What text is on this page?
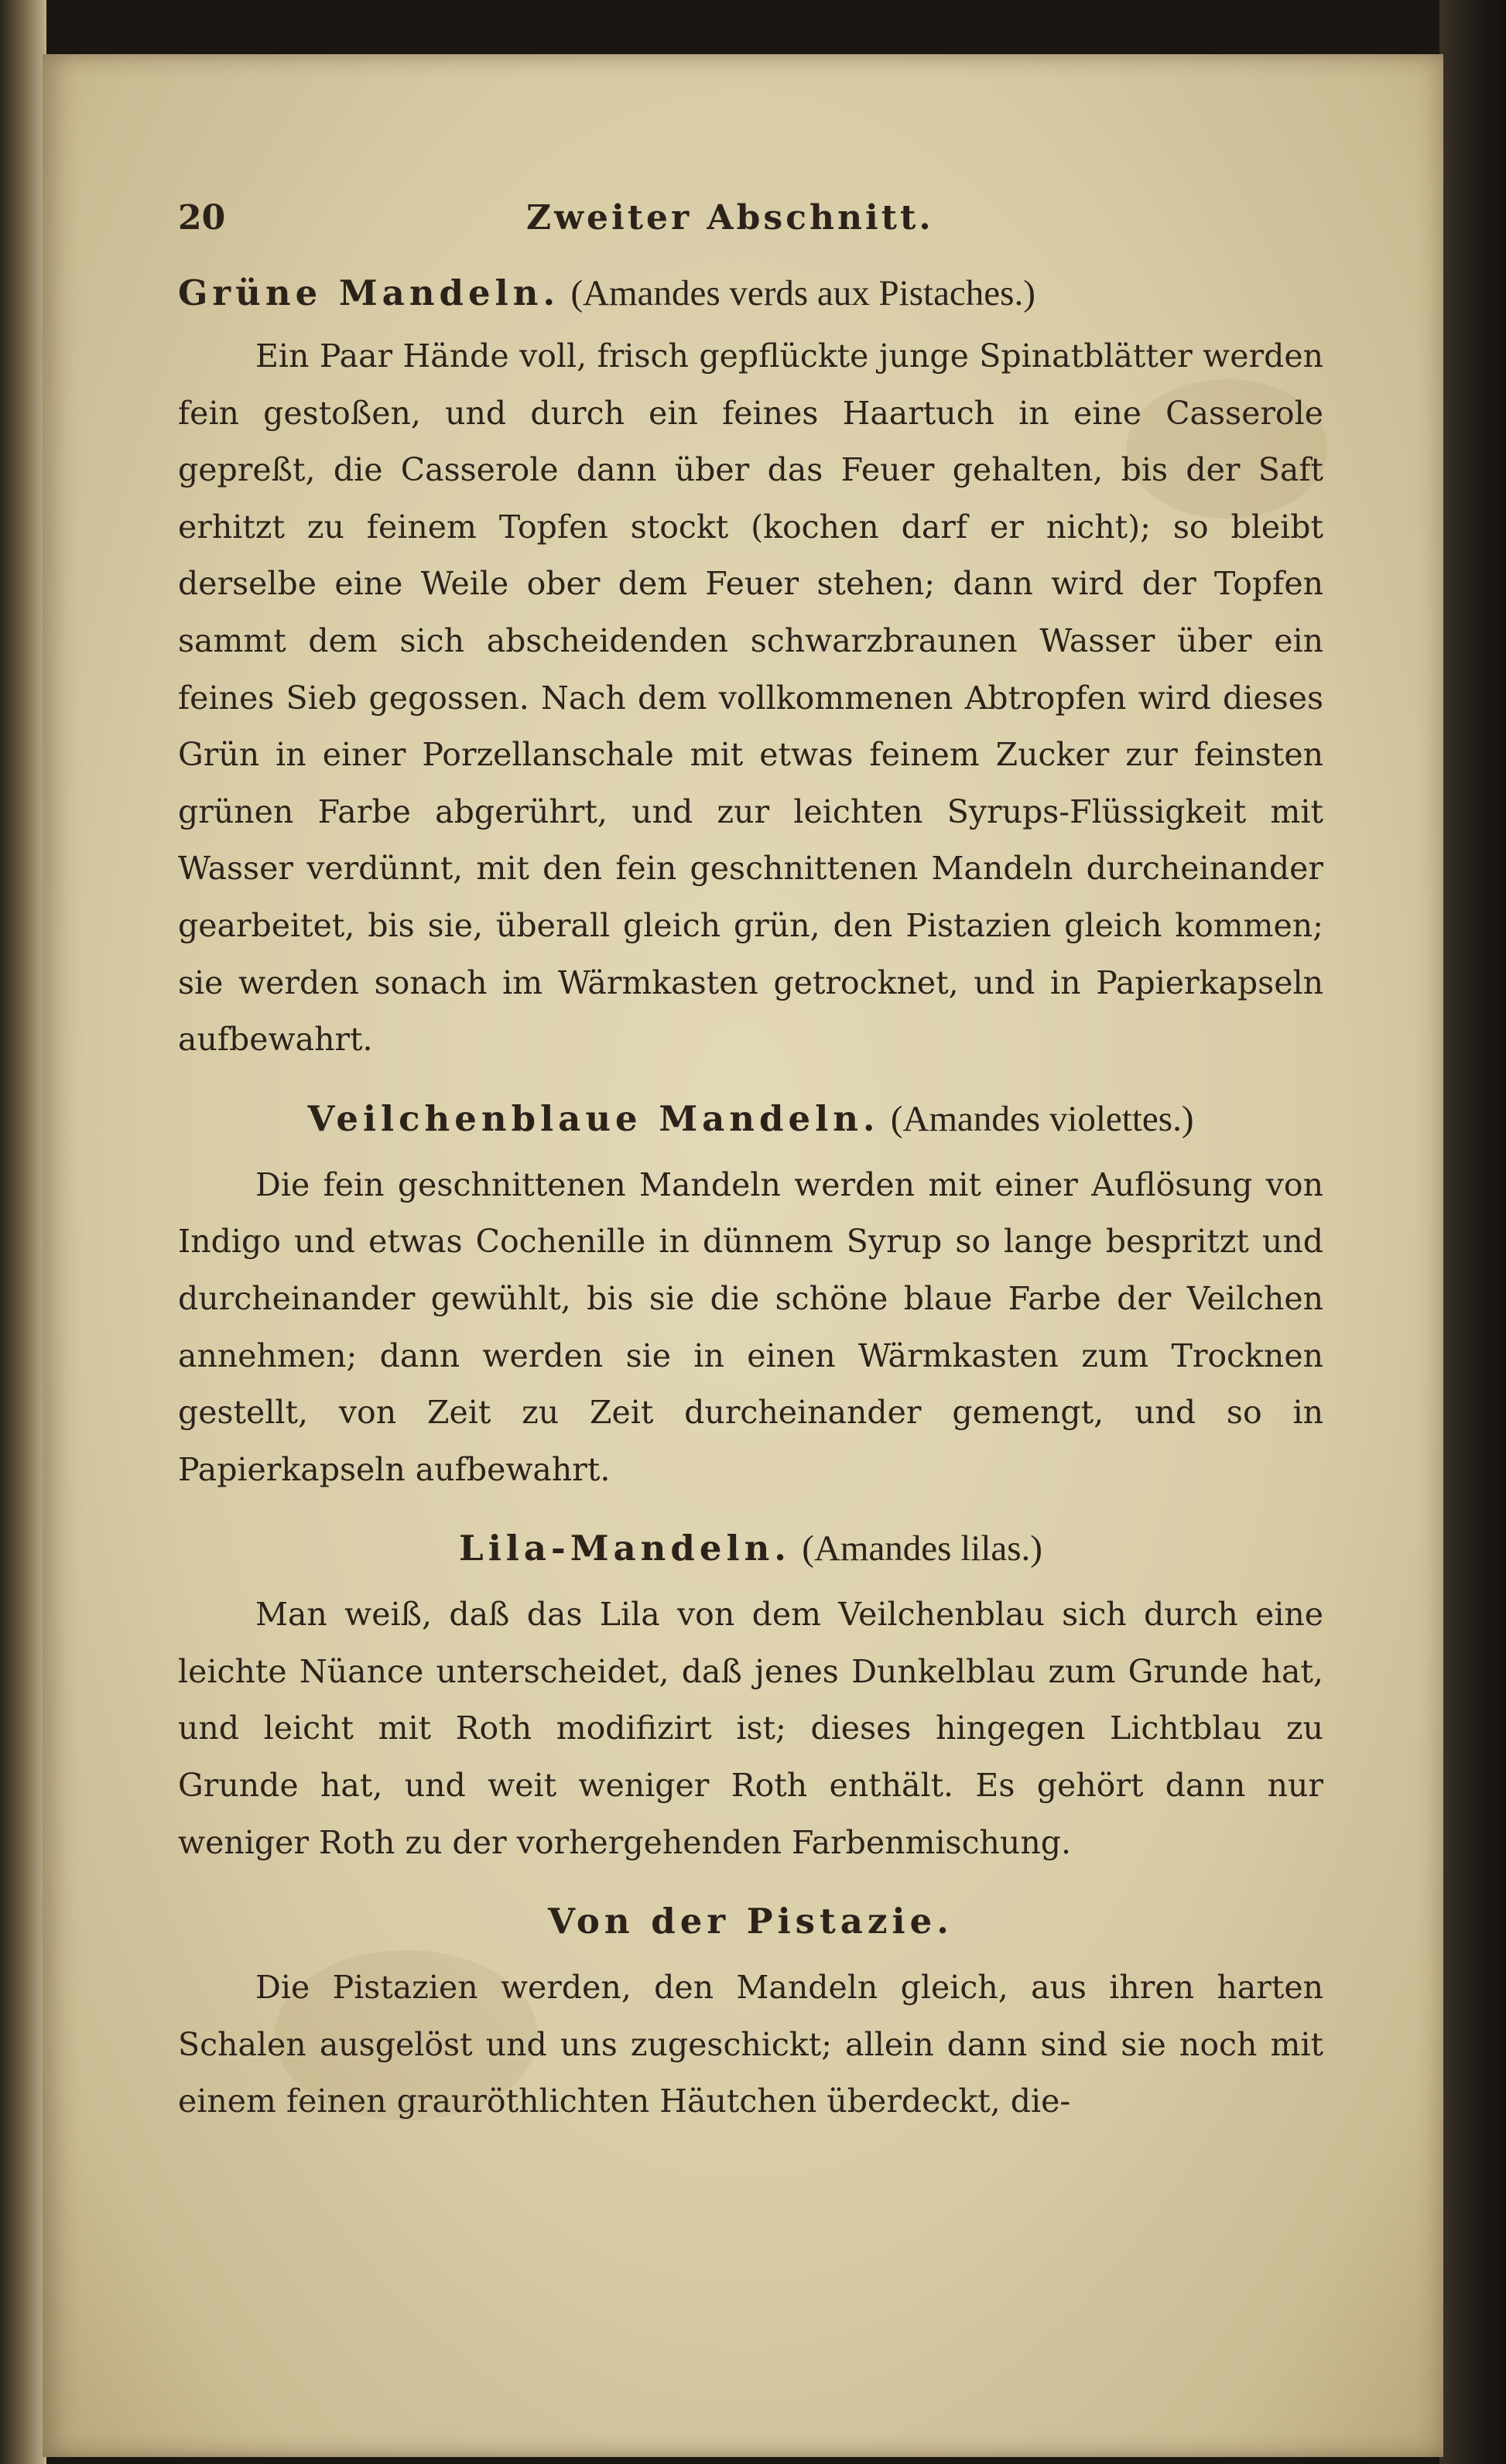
20	Zweiter Abschnitt.
Grüne Mandeln. (Amandes verds aux Pistaches.)

Ein Paar Hände voll, frisch gepflückte junge Spinatblätter werden fein gestoßen, und durch ein feines Haartuch in eine Casserole gepreßt, die Casserole dann über das Feuer gehalten, bis der Saft erhitzt zu feinem Topfen stockt (kochen darf er nicht); so bleibt derselbe eine Weile ober dem Feuer stehen; dann wird der Topfen sammt dem sich abscheidenden schwarzbraunen Wasser über ein feines Sieb gegossen. Nach dem vollkommenen Abtropfen wird dieses Grün in einer Porzellanschale mit etwas feinem Zucker zur feinsten grünen Farbe abgerührt, und zur leichten Syrups-Flüssigkeit mit Wasser verdünnt, mit den fein geschnittenen Mandeln durcheinander gearbeitet, bis sie, überall gleich grün, den Pistazien gleich kommen; sie werden sonach im Wärmkasten getrocknet, und in Papierkapseln aufbewahrt.

Veilchenblaue Mandeln. (Amandes violettes.)

Die fein geschnittenen Mandeln werden mit einer Auflösung von Indigo und etwas Cochenille in dünnem Syrup so lange bespritzt und durcheinander gewühlt, bis sie die schöne blaue Farbe der Veilchen annehmen; dann werden sie in einen Wärmkasten zum Trocknen gestellt, von Zeit zu Zeit durcheinander gemengt, und so in Papierkapseln aufbewahrt.

Lila-Mandeln. (Amandes lilas.)

Man weiß, daß das Lila von dem Veilchenblau sich durch eine leichte Nüance unterscheidet, daß jenes Dunkelblau zum Grunde hat, und leicht mit Roth modifizirt ist; dieses hingegen Lichtblau zu Grunde hat, und weit weniger Roth enthält. Es gehört dann nur weniger Roth zu der vorhergehenden Farbenmischung.

Von der Pistazie.

Die Pistazien werden, den Mandeln gleich, aus ihren harten Schalen ausgelöst und uns zugeschickt; allein dann sind sie noch mit einem feinen grauröthlichten Häutchen überdeckt, die-
